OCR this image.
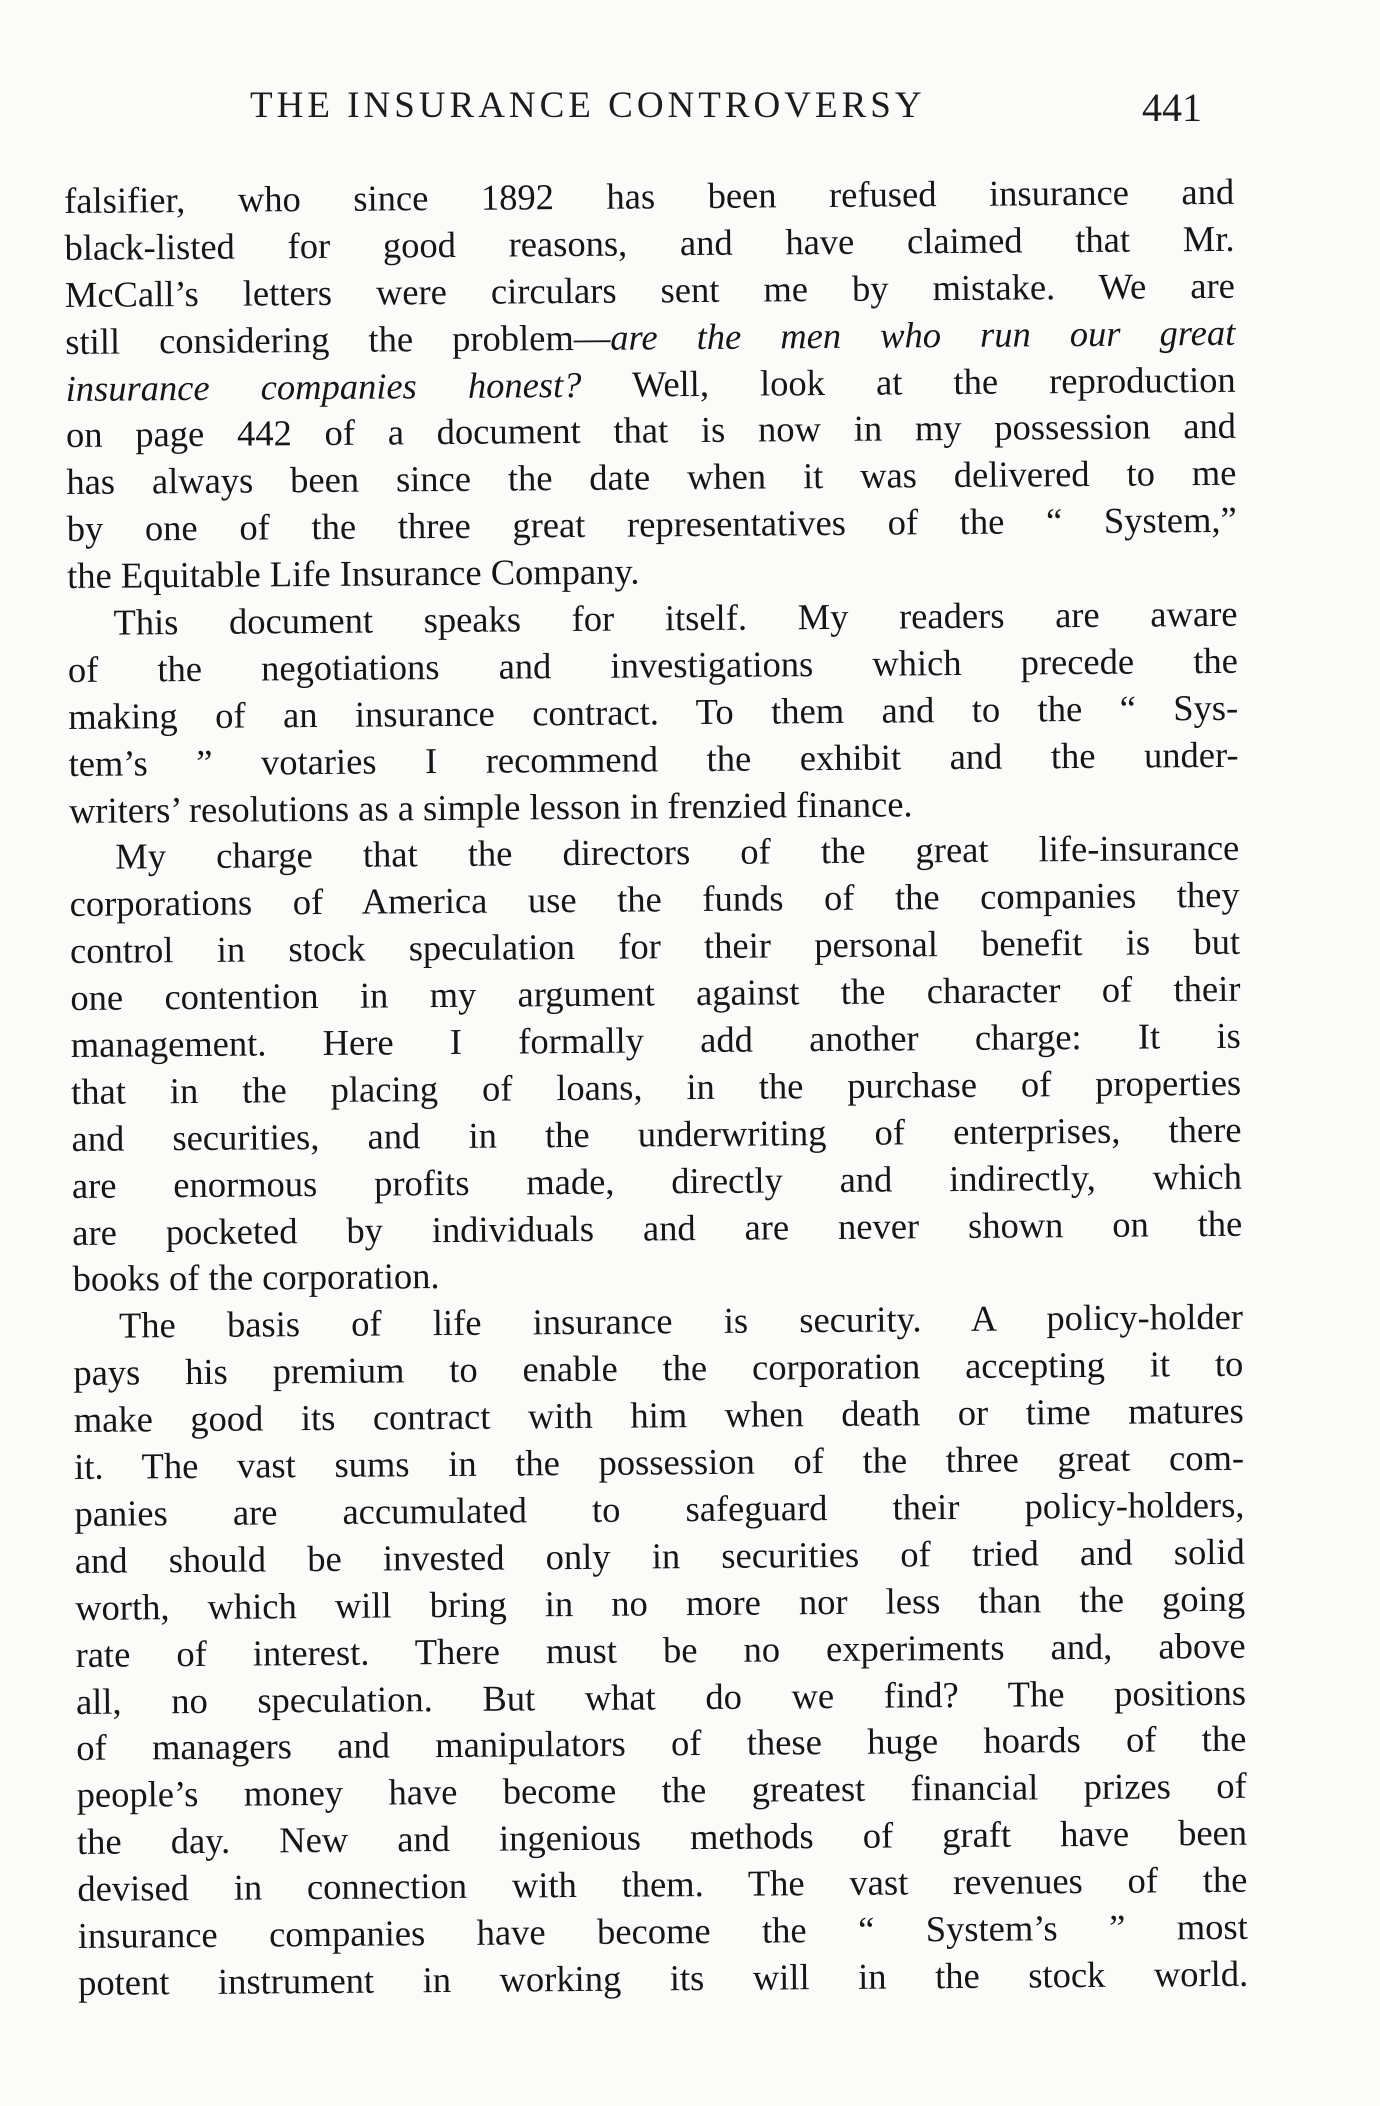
THE INSURANCE CONTROVERSY	441
falsifier, who since 1892 has been refused insurance and
black-listed for good reasons, and have claimed that Mr.
McCall’s letters were circulars sent me by mistake. We are
still considering the problem—are the men who run our great
insurance companies honest? Well, look at the reproduction
on page 442 of a document that is now in my possession and
has always been since the date when it was delivered to me
by one of the three great representatives of the “ System,”
the Equitable Life Insurance Company.
This document speaks for itself. My readers are aware
of the negotiations and investigations which precede the
making of an insurance contract. To them and to the “ Sys-
tem’s ” votaries I recommend the exhibit and the under-
writers’ resolutions as a simple lesson in frenzied finance.
My charge that the directors of the great life-insurance
corporations of America use the funds of the companies they
control in stock speculation for their personal benefit is but
one contention in my argument against the character of their
management. Here I formally add another charge: It is
that in the placing of loans, in the purchase of properties
and securities, and in the underwriting of enterprises, there
are enormous profits made, directly and indirectly, which
are pocketed by individuals and are never shown on the
books of the corporation.
The basis of life insurance is security. A policy-holder
pays his premium to enable the corporation accepting it to
make good its contract with him when death or time matures
it. The vast sums in the possession of the three great com-
panies are accumulated to safeguard their policy-holders,
and should be invested only in securities of tried and solid
worth, which will bring in no more nor less than the going
rate of interest. There must be no experiments and, above
all, no speculation. But what do we find? The positions
of managers and manipulators of these huge hoards of the
people’s money have become the greatest financial prizes of
the day. New and ingenious methods of graft have been
devised in connection with them. The vast revenues of the
insurance companies have become the “ System’s ” most
potent instrument in working its will in the stock world.
